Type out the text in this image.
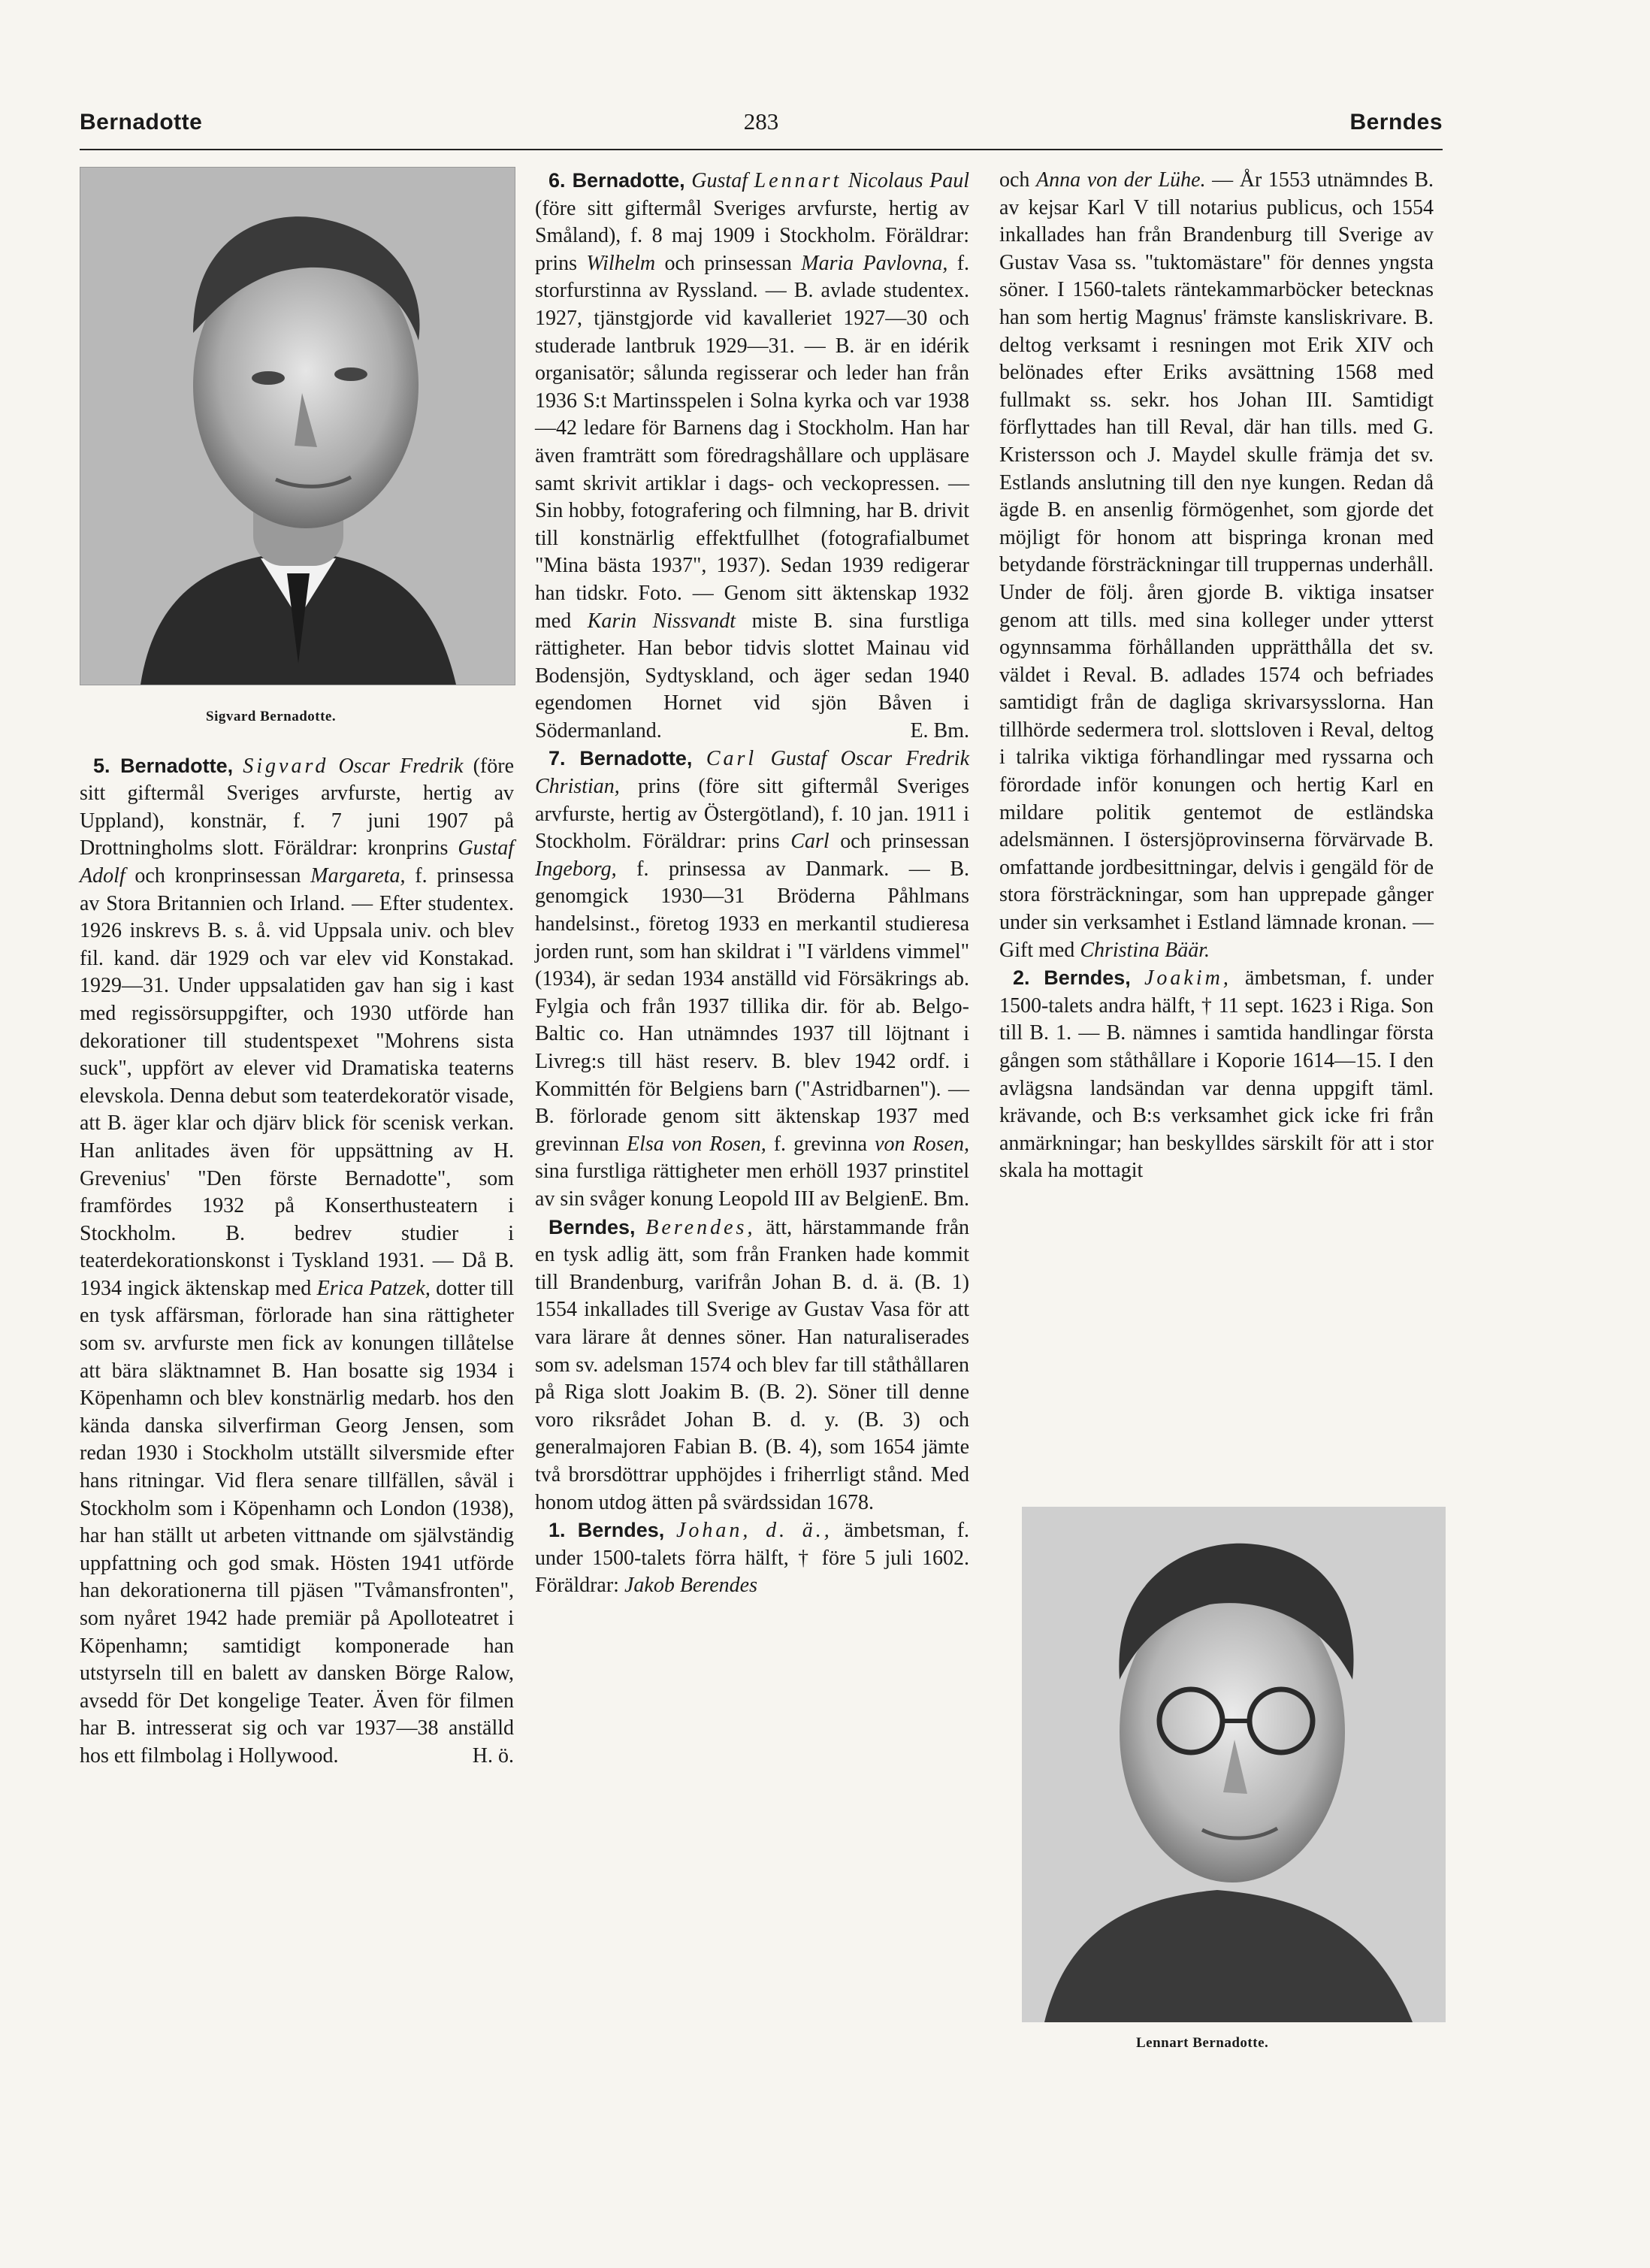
Bernadotte	283	Berndes
Sigvard Bernadotte.

5. Bernadotte, Sigvard Oscar Fredrik (före sitt giftermål Sveriges arvfurste, hertig av Uppland), konstnär, f. 7 juni 1907 på Drottningholms slott. Föräldrar: kronprins Gustaf Adolf och kronprinsessan Margareta, f. prinsessa av Stora Britannien och Irland. — Efter studentex. 1926 inskrevs B. s. å. vid Uppsala univ. och blev fil. kand. där 1929 och var elev vid Konstakad. 1929—31. Under uppsalatiden gav han sig i kast med regissörsuppgifter, och 1930 utförde han dekorationer till studentspexet "Mohrens sista suck", uppfört av elever vid Dramatiska teaterns elevskola. Denna debut som teaterdekoratör visade, att B. äger klar och djärv blick för scenisk verkan. Han anlitades även för uppsättning av H. Grevenius' "Den förste Bernadotte", som framfördes 1932 på Konserthusteatern i Stockholm. B. bedrev studier i teaterdekorationskonst i Tyskland 1931. — Då B. 1934 ingick äktenskap med Erica Patzek, dotter till en tysk affärsman, förlorade han sina rättigheter som sv. arvfurste men fick av konungen tillåtelse att bära släktnamnet B. Han bosatte sig 1934 i Köpenhamn och blev konstnärlig medarb. hos den kända danska silverfirman Georg Jensen, som redan 1930 i Stockholm utställt silversmide efter hans ritningar. Vid flera senare tillfällen, såväl i Stockholm som i Köpenhamn och London (1938), har han ställt ut arbeten vittnande om självständig uppfattning och god smak. Hösten 1941 utförde han dekorationerna till pjäsen "Tvåmansfronten", som nyåret 1942 hade premiär på Apolloteatret i Köpenhamn; samtidigt komponerade han utstyrseln till en balett av dansken Börge Ralow, avsedd för Det kongelige Teater. Även för filmen har B. intresserat sig och var 1937—38 anställd hos ett filmbolag i Hollywood.	H. ö.

6. Bernadotte, Gustaf Lennart Nicolaus Paul (före sitt giftermål Sveriges arvfurste, hertig av Småland), f. 8 maj 1909 i Stockholm. Föräldrar: prins Wilhelm och prinsessan Maria Pavlovna, f. storfurstinna av Ryssland. — B. avlade studentex. 1927, tjänstgjorde vid kavalleriet 1927—30 och studerade lantbruk 1929—31. — B. är en idérik organisatör; sålunda regisserar och leder han från 1936 S:t Martinsspelen i Solna kyrka och var 1938—42 ledare för Barnens dag i Stockholm. Han har även framträtt som föredragshållare och uppläsare samt skrivit artiklar i dags- och veckopressen. — Sin hobby, fotografering och filmning, har B. drivit till konstnärlig effektfullhet (fotografialbumet "Mina bästa 1937", 1937). Sedan 1939 redigerar han tidskr. Foto. — Genom sitt äktenskap 1932 med Karin Nissvandt miste B. sina furstliga rättigheter. Han bebor tidvis slottet Mainau vid Bodensjön, Sydtyskland, och äger sedan 1940 egendomen Hornet vid sjön Båven i Södermanland.	E. Bm.

7. Bernadotte, Carl Gustaf Oscar Fredrik Christian, prins (före sitt giftermål Sveriges arvfurste, hertig av Östergötland), f. 10 jan. 1911 i Stockholm. Föräldrar: prins Carl och prinsessan Ingeborg, f. prinsessa av Danmark. — B. genomgick 1930—31 Bröderna Påhlmans handelsinst., företog 1933 en merkantil studieresa jorden runt, som han skildrat i "I världens vimmel" (1934), är sedan 1934 anställd vid Försäkrings ab. Fylgia och från 1937 tillika dir. för ab. Belgo-Baltic co. Han utnämndes 1937 till löjtnant i Livreg:s till häst reserv. B. blev 1942 ordf. i Kommittén för Belgiens barn ("Astridbarnen"). — B. förlorade genom sitt äktenskap 1937 med grevinnan Elsa von Rosen, f. grevinna von Rosen, sina furstliga rättigheter men erhöll 1937 prinstitel av sin svåger konung Leopold III av Belgien.

E. Bm.

Berndes, Berendes, ätt, härstammande från en tysk adlig ätt, som från Franken hade kommit till Brandenburg, varifrån Johan B. d. ä. (B. 1) 1554 inkallades till Sverige av Gustav Vasa för att vara lärare åt dennes söner. Han naturaliserades som sv. adelsman 1574 och blev far till ståthållaren på Riga slott Joakim B. (B. 2). Söner till denne voro riksrådet Johan B. d. y. (B. 3) och generalmajoren Fabian B. (B. 4), som 1654 jämte två brorsdöttrar upphöjdes i friherrligt stånd. Med honom utdog ätten på svärdssidan 1678.

1. Berndes, Johan, d. ä., ämbetsman, f. under 1500-talets förra hälft, † före 5 juli 1602. Föräldrar: Jakob Berendes

och Anna von der Lühe. — År 1553 utnämndes B. av kejsar Karl V till notarius publicus, och 1554 inkallades han från Brandenburg till Sverige av Gustav Vasa ss. "tuktomästare" för dennes yngsta söner. I 1560-talets räntekammarböcker betecknas han som hertig Magnus' främste kansliskrivare. B. deltog verksamt i resningen mot Erik XIV och belönades efter Eriks avsättning 1568 med fullmakt ss. sekr. hos Johan III. Samtidigt förflyttades han till Reval, där han tills. med G. Kristersson och J. Maydel skulle främja det sv. Estlands anslutning till den nye kungen. Redan då ägde B. en ansenlig förmögenhet, som gjorde det möjligt för honom att bispringa kronan med betydande försträckningar till truppernas underhåll. Under de följ. åren gjorde B. viktiga insatser genom att tills. med sina kolleger under ytterst ogynnsamma förhållanden upprätthålla det sv. väldet i Reval. B. adlades 1574 och befriades samtidigt från de dagliga skrivarsysslorna. Han tillhörde sedermera trol. slottsloven i Reval, deltog i talrika viktiga förhandlingar med ryssarna och förordade inför konungen och hertig Karl en mildare politik gentemot de estländska adelsmännen. I östersjöprovinserna förvärvade B. omfattande jordbesittningar, delvis i gengäld för de stora försträckningar, som han upprepade gånger under sin verksamhet i Estland lämnade kronan. — Gift med Christina Bäär.

2. Berndes, Joakim, ämbetsman, f. under 1500-talets andra hälft, † 11 sept. 1623 i Riga. Son till B. 1. — B. nämnes i samtida handlingar första gången som ståthållare i Koporie 1614—15. I den avlägsna landsändan var denna uppgift täml. krävande, och B:s verksamhet gick icke fri från anmärkningar; han beskylldes särskilt för att i stor skala ha mottagit

Lennart Bernadotte.
